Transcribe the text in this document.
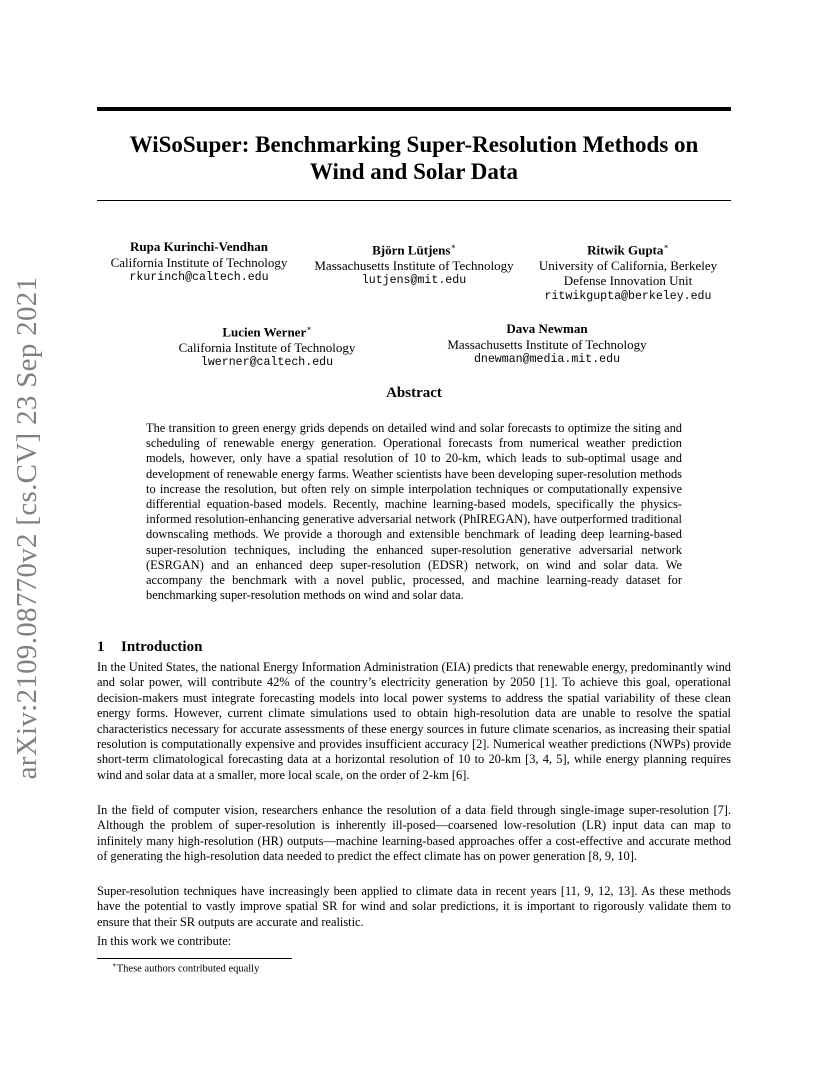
arXiv:2109.08770v2 [cs.CV] 23 Sep 2021
WiSoSuper: Benchmarking Super-Resolution Methods on
Wind and Solar Data
Rupa Kurinchi-Vendhan
California Institute of Technology
rkurinch@caltech.edu
Björn Lütjens∗
Massachusetts Institute of Technology
lutjens@mit.edu
Ritwik Gupta∗
University of California, Berkeley
Defense Innovation Unit
ritwikgupta@berkeley.edu
Lucien Werner∗
California Institute of Technology
lwerner@caltech.edu
Dava Newman
Massachusetts Institute of Technology
dnewman@media.mit.edu
Abstract
The transition to green energy grids depends on detailed wind and solar forecasts to optimize the siting and scheduling of renewable energy generation. Operational forecasts from numerical weather prediction models, however, only have a spatial resolution of 10 to 20-km, which leads to sub-optimal usage and development of renewable energy farms. Weather scientists have been developing super-resolution methods to increase the resolution, but often rely on simple interpolation techniques or computationally expensive differential equation-based models. Recently, machine learning-based models, specifically the physics-informed resolution-enhancing generative adversarial network (PhIREGAN), have outperformed traditional downscaling methods. We provide a thorough and extensible benchmark of leading deep learning-based super-resolution techniques, including the enhanced super-resolution generative adversarial network (ESRGAN) and an enhanced deep super-resolution (EDSR) network, on wind and solar data. We accompany the benchmark with a novel public, processed, and machine learning-ready dataset for benchmarking super-resolution methods on wind and solar data.
1 Introduction
In the United States, the national Energy Information Administration (EIA) predicts that renewable energy, predominantly wind and solar power, will contribute 42% of the country’s electricity generation by 2050 [1]. To achieve this goal, operational decision-makers must integrate forecasting models into local power systems to address the spatial variability of these clean energy forms. However, current climate simulations used to obtain high-resolution data are unable to resolve the spatial characteristics necessary for accurate assessments of these energy sources in future climate scenarios, as increasing their spatial resolution is computationally expensive and provides insufficient accuracy [2]. Numerical weather predictions (NWPs) provide short-term climatological forecasting data at a horizontal resolution of 10 to 20-km [3, 4, 5], while energy planning requires wind and solar data at a smaller, more local scale, on the order of 2-km [6].
In the field of computer vision, researchers enhance the resolution of a data field through single-image super-resolution [7]. Although the problem of super-resolution is inherently ill-posed—coarsened low-resolution (LR) input data can map to infinitely many high-resolution (HR) outputs—machine learning-based approaches offer a cost-effective and accurate method of generating the high-resolution data needed to predict the effect climate has on power generation [8, 9, 10].
Super-resolution techniques have increasingly been applied to climate data in recent years [11, 9, 12, 13]. As these methods have the potential to vastly improve spatial SR for wind and solar predictions, it is important to rigorously validate them to ensure that their SR outputs are accurate and realistic.
In this work we contribute:
∗These authors contributed equally
